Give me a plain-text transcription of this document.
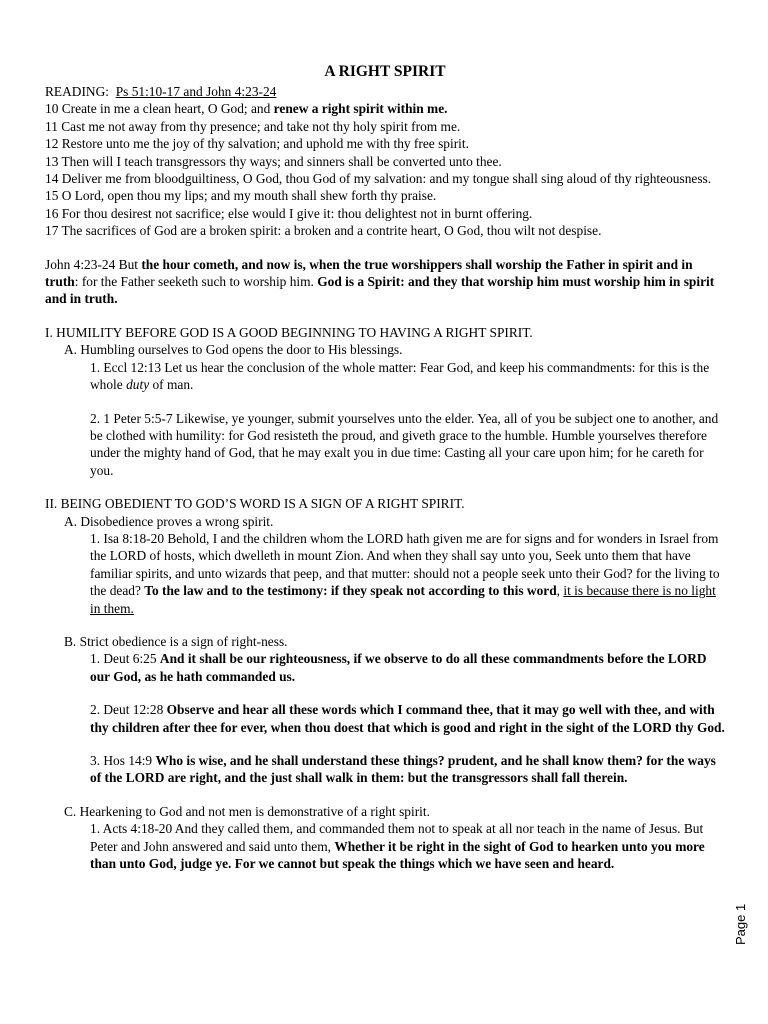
A RIGHT SPIRIT

READING: Ps 51:10-17 and John 4:23-24

10 Create in me a clean heart, O God; and renew a right spirit within me.

11 Cast me not away from thy presence; and take not thy holy spirit from me.

12 Restore unto me the joy of thy salvation; and uphold me with thy free spirit.

13 Then will I teach transgressors thy ways; and sinners shall be converted unto thee.

14 Deliver me from bloodguiltiness, O God, thou God of my salvation: and my tongue shall sing aloud of thy righteousness.

15 O Lord, open thou my lips; and my mouth shall shew forth thy praise.

16 For thou desirest not sacrifice; else would I give it: thou delightest not in burnt offering.

17 The sacrifices of God are a broken spirit: a broken and a contrite heart, O God, thou wilt not despise.

John 4:23-24 But the hour cometh, and now is, when the true worshippers shall worship the Father in spirit and in truth: for the Father seeketh such to worship him. God is a Spirit: and they that worship him must worship him in spirit and in truth.

I. HUMILITY BEFORE GOD IS A GOOD BEGINNING TO HAVING A RIGHT SPIRIT.

A. Humbling ourselves to God opens the door to His blessings.

1. Eccl 12:13 Let us hear the conclusion of the whole matter: Fear God, and keep his commandments: for this is the whole duty of man.

2. 1 Peter 5:5-7 Likewise, ye younger, submit yourselves unto the elder. Yea, all of you be subject one to another, and be clothed with humility: for God resisteth the proud, and giveth grace to the humble. Humble yourselves therefore under the mighty hand of God, that he may exalt you in due time: Casting all your care upon him; for he careth for you.

II. BEING OBEDIENT TO GOD’S WORD IS A SIGN OF A RIGHT SPIRIT.

A. Disobedience proves a wrong spirit.

1. Isa 8:18-20 Behold, I and the children whom the LORD hath given me are for signs and for wonders in Israel from the LORD of hosts, which dwelleth in mount Zion. And when they shall say unto you, Seek unto them that have familiar spirits, and unto wizards that peep, and that mutter: should not a people seek unto their God? for the living to the dead? To the law and to the testimony: if they speak not according to this word, it is because there is no light in them.

B. Strict obedience is a sign of right-ness.

1. Deut 6:25 And it shall be our righteousness, if we observe to do all these commandments before the LORD our God, as he hath commanded us.

2. Deut 12:28 Observe and hear all these words which I command thee, that it may go well with thee, and with thy children after thee for ever, when thou doest that which is good and right in the sight of the LORD thy God.

3. Hos 14:9 Who is wise, and he shall understand these things? prudent, and he shall know them? for the ways of the LORD are right, and the just shall walk in them: but the transgressors shall fall therein.

C. Hearkening to God and not men is demonstrative of a right spirit.

1. Acts 4:18-20 And they called them, and commanded them not to speak at all nor teach in the name of Jesus. But Peter and John answered and said unto them, Whether it be right in the sight of God to hearken unto you more than unto God, judge ye. For we cannot but speak the things which we have seen and heard.

Page 1
